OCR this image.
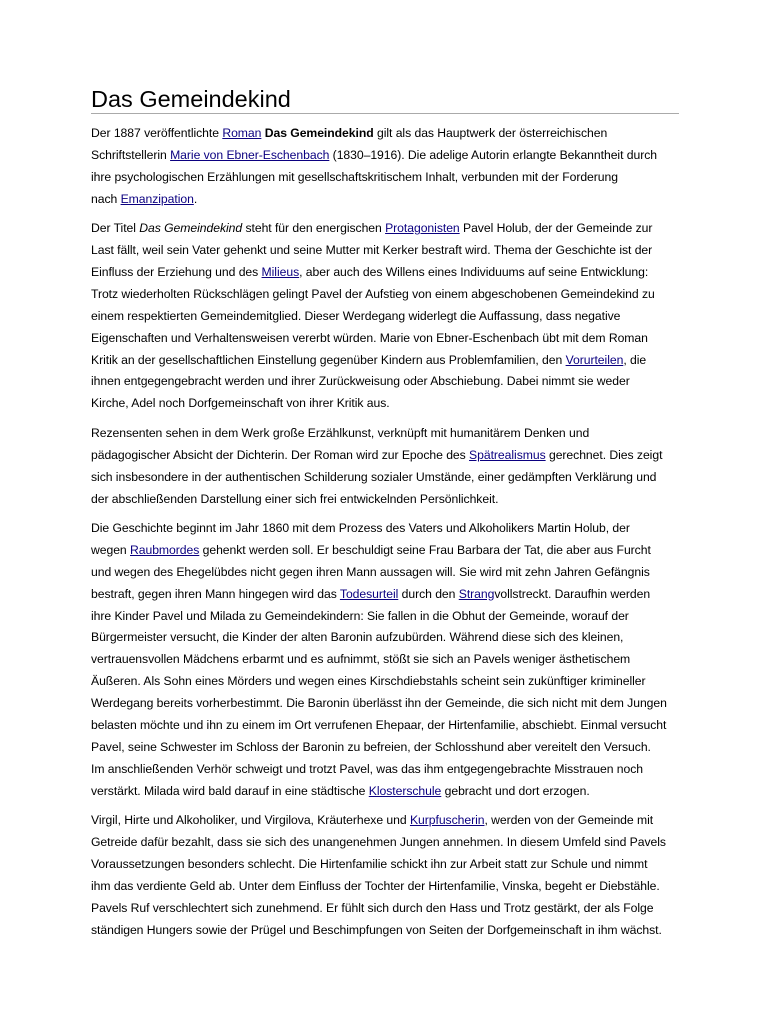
Das Gemeindekind

Der 1887 veröffentlichte Roman Das Gemeindekind gilt als das Hauptwerk der österreichischen
Schriftstellerin Marie von Ebner-Eschenbach (1830–1916). Die adelige Autorin erlangte Bekanntheit durch
ihre psychologischen Erzählungen mit gesellschaftskritischem Inhalt, verbunden mit der Forderung
nach Emanzipation.

Der Titel Das Gemeindekind steht für den energischen Protagonisten Pavel Holub, der der Gemeinde zur
Last fällt, weil sein Vater gehenkt und seine Mutter mit Kerker bestraft wird. Thema der Geschichte ist der
Einfluss der Erziehung und des Milieus, aber auch des Willens eines Individuums auf seine Entwicklung:
Trotz wiederholten Rückschlägen gelingt Pavel der Aufstieg von einem abgeschobenen Gemeindekind zu
einem respektierten Gemeindemitglied. Dieser Werdegang widerlegt die Auffassung, dass negative
Eigenschaften und Verhaltensweisen vererbt würden. Marie von Ebner-Eschenbach übt mit dem Roman
Kritik an der gesellschaftlichen Einstellung gegenüber Kindern aus Problemfamilien, den Vorurteilen, die
ihnen entgegengebracht werden und ihrer Zurückweisung oder Abschiebung. Dabei nimmt sie weder
Kirche, Adel noch Dorfgemeinschaft von ihrer Kritik aus.

Rezensenten sehen in dem Werk große Erzählkunst, verknüpft mit humanitärem Denken und
pädagogischer Absicht der Dichterin. Der Roman wird zur Epoche des Spätrealismus gerechnet. Dies zeigt
sich insbesondere in der authentischen Schilderung sozialer Umstände, einer gedämpften Verklärung und
der abschließenden Darstellung einer sich frei entwickelnden Persönlichkeit.

Die Geschichte beginnt im Jahr 1860 mit dem Prozess des Vaters und Alkoholikers Martin Holub, der
wegen Raubmordes gehenkt werden soll. Er beschuldigt seine Frau Barbara der Tat, die aber aus Furcht
und wegen des Ehegelübdes nicht gegen ihren Mann aussagen will. Sie wird mit zehn Jahren Gefängnis
bestraft, gegen ihren Mann hingegen wird das Todesurteil durch den Strangvollstreckt. Daraufhin werden
ihre Kinder Pavel und Milada zu Gemeindekindern: Sie fallen in die Obhut der Gemeinde, worauf der
Bürgermeister versucht, die Kinder der alten Baronin aufzubürden. Während diese sich des kleinen,
vertrauensvollen Mädchens erbarmt und es aufnimmt, stößt sie sich an Pavels weniger ästhetischem
Äußeren. Als Sohn eines Mörders und wegen eines Kirschdiebstahls scheint sein zukünftiger krimineller
Werdegang bereits vorherbestimmt. Die Baronin überlässt ihn der Gemeinde, die sich nicht mit dem Jungen
belasten möchte und ihn zu einem im Ort verrufenen Ehepaar, der Hirtenfamilie, abschiebt. Einmal versucht
Pavel, seine Schwester im Schloss der Baronin zu befreien, der Schlosshund aber vereitelt den Versuch.
Im anschließenden Verhör schweigt und trotzt Pavel, was das ihm entgegengebrachte Misstrauen noch
verstärkt. Milada wird bald darauf in eine städtische Klosterschule gebracht und dort erzogen.

Virgil, Hirte und Alkoholiker, und Virgilova, Kräuterhexe und Kurpfuscherin, werden von der Gemeinde mit
Getreide dafür bezahlt, dass sie sich des unangenehmen Jungen annehmen. In diesem Umfeld sind Pavels
Voraussetzungen besonders schlecht. Die Hirtenfamilie schickt ihn zur Arbeit statt zur Schule und nimmt
ihm das verdiente Geld ab. Unter dem Einfluss der Tochter der Hirtenfamilie, Vinska, begeht er Diebstähle.
Pavels Ruf verschlechtert sich zunehmend. Er fühlt sich durch den Hass und Trotz gestärkt, der als Folge
ständigen Hungers sowie der Prügel und Beschimpfungen von Seiten der Dorfgemeinschaft in ihm wächst.
